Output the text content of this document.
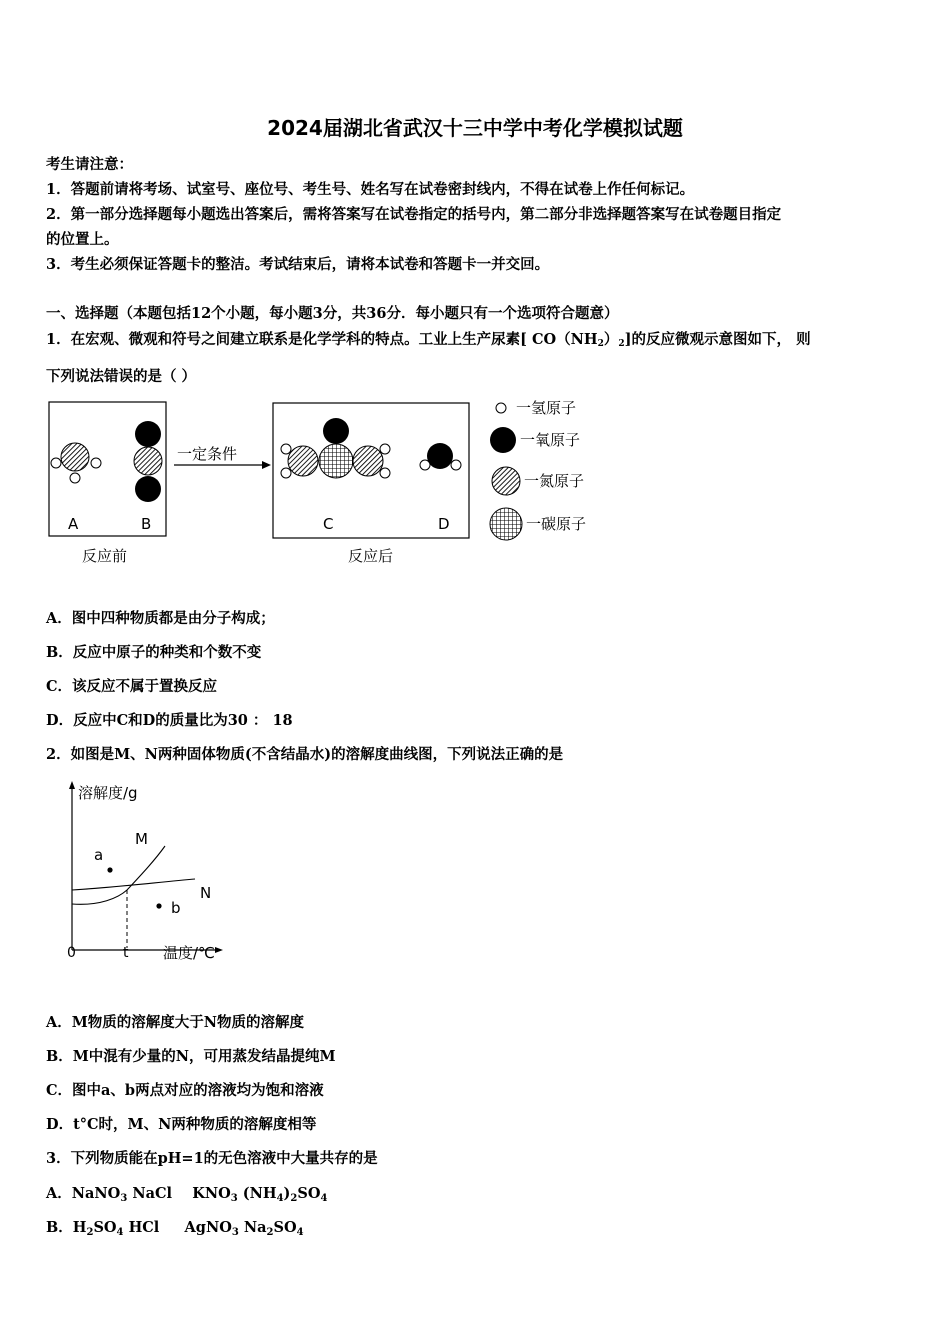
2024届湖北省武汉十三中学中考化学模拟试题
考生请注意：
1．答题前请将考场、试室号、座位号、考生号、姓名写在试卷密封线内，不得在试卷上作任何标记。
2．第一部分选择题每小题选出答案后，需将答案写在试卷指定的括号内，第二部分非选择题答案写在试卷题目指定
的位置上。
3．考生必须保证答题卡的整洁。考试结束后，请将本试卷和答题卡一并交回。
一、选择题（本题包括12个小题，每小题3分，共36分．每小题只有一个选项符合题意）
1．在宏观、微观和符号之间建立联系是化学学科的特点。工业上生产尿素[ $CO(NH_2)_2$]的反应微观示意图如下， 则
下列说法错误的是（ ）
A	B
一定条件
C	D
反应前	反应后
一氢原子
一氧原子
一氮原子
一碳原子
A．图中四种物质都是由分子构成；
B．反应中原子的种类和个数不变
C．该反应不属于置换反应
D．反应中C和D的质量比为30 ： 18
2．如图是M、N两种固体物质(不含结晶水)的溶解度曲线图，下列说法正确的是
溶解度/g
温度/℃
0	t
M
N
a
b
A．M物质的溶解度大于N物质的溶解度
B．M中混有少量的N，可用蒸发结晶提纯M
C．图中a、b两点对应的溶液均为饱和溶液
D．t°C时，M、N两种物质的溶解度相等
3．下列物质能在pH=1的无色溶液中大量共存的是
A．NaNO$_3$ NaCl    $KNO_3$ $(NH_4)_2SO_4$
B．$H_2SO_4$ HCl     AgNO$_3$ $Na_2SO_4$
